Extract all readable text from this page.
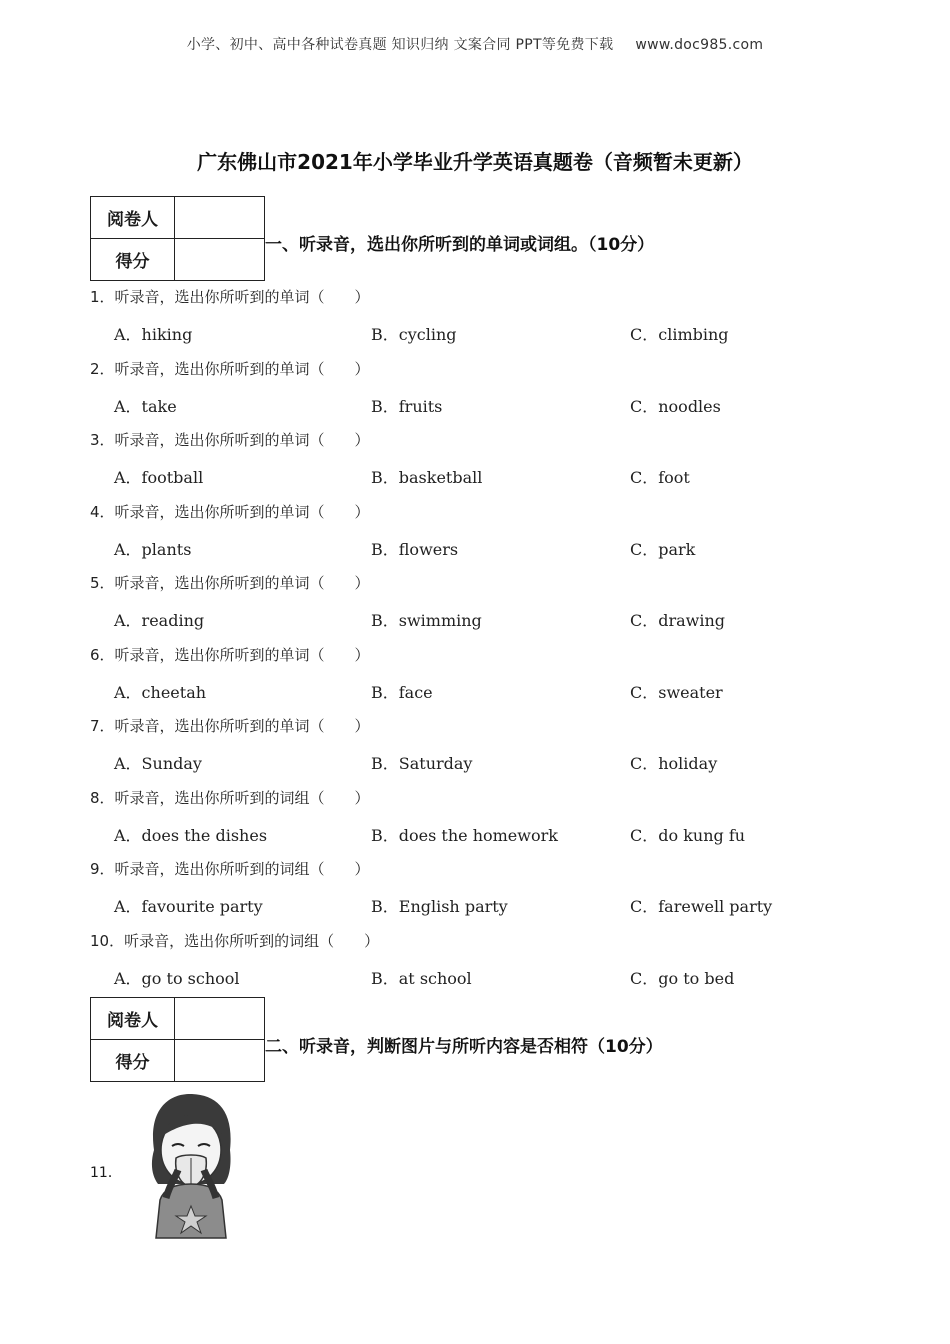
小学、初中、高中各种试卷真题 知识归纳 文案合同 PPT等免费下载 www.doc985.com
广东佛山市2021年小学毕业升学英语真题卷（音频暂未更新）
阅卷人	
得分	
一、听录音，选出你所听到的单词或词组。（10分）
1．听录音，选出你所听到的单词（　　）
A．hiking	B．cycling	C．climbing
2．听录音，选出你所听到的单词（　　）
A．take	B．fruits	C．noodles
3．听录音，选出你所听到的单词（　　）
A．football	B．basketball	C．foot
4．听录音，选出你所听到的单词（　　）
A．plants	B．flowers	C．park
5．听录音，选出你所听到的单词（　　）
A．reading	B．swimming	C．drawing
6．听录音，选出你所听到的单词（　　）
A．cheetah	B．face	C．sweater
7．听录音，选出你所听到的单词（　　）
A．Sunday	B．Saturday	C．holiday
8．听录音，选出你所听到的词组（　　）
A．does the dishes	B．does the homework	C．do kung fu
9．听录音，选出你所听到的词组（　　）
A．favourite party	B．English party	C．farewell party
10．听录音，选出你所听到的词组（　　）
A．go to school	B．at school	C．go to bed
阅卷人	
得分	
二、听录音，判断图片与所听内容是否相符（10分）
11．
